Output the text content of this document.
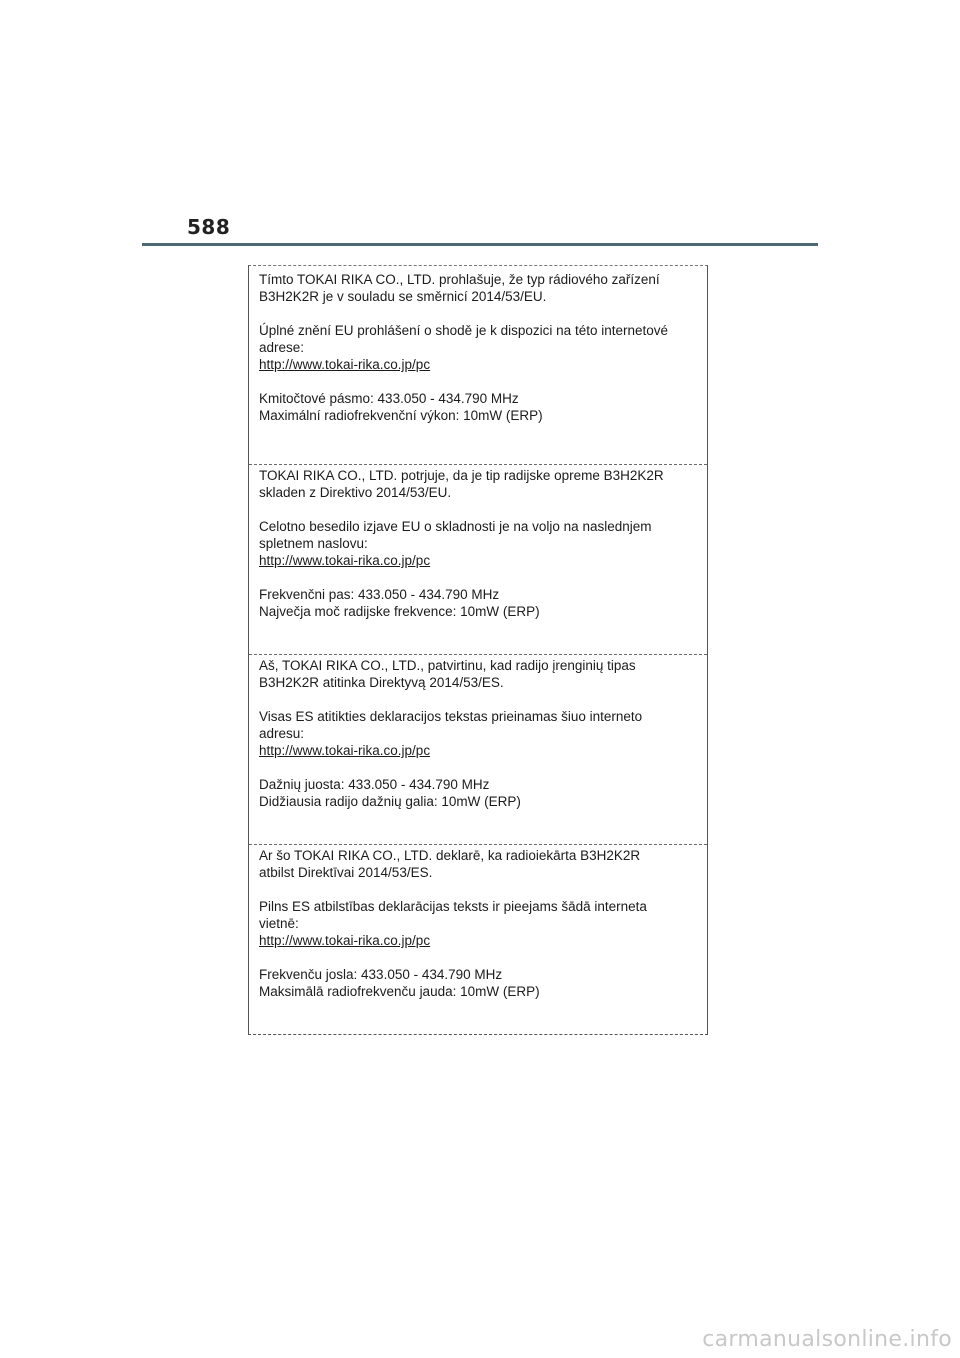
588

Tímto TOKAI RIKA CO., LTD. prohlašuje, že typ rádiového zařízení

B3H2K2R je v souladu se směrnicí 2014/53/EU.

Úplné znění EU prohlášení o shodě je k dispozici na této internetové

adrese:

http://www.tokai-rika.co.jp/pc

Kmitočtové pásmo: 433.050 - 434.790 MHz

Maximální radiofrekvenční výkon: 10mW (ERP)

TOKAI RIKA CO., LTD. potrjuje, da je tip radijske opreme B3H2K2R

skladen z Direktivo 2014/53/EU.

Celotno besedilo izjave EU o skladnosti je na voljo na naslednjem

spletnem naslovu:

http://www.tokai-rika.co.jp/pc

Frekvenčni pas: 433.050 - 434.790 MHz

Največja moč radijske frekvence: 10mW (ERP)

Aš, TOKAI RIKA CO., LTD., patvirtinu, kad radijo įrenginių tipas

B3H2K2R atitinka Direktyvą 2014/53/ES.

Visas ES atitikties deklaracijos tekstas prieinamas šiuo interneto

adresu:

http://www.tokai-rika.co.jp/pc

Dažnių juosta: 433.050 - 434.790 MHz

Didžiausia radijo dažnių galia: 10mW (ERP)

Ar šo TOKAI RIKA CO., LTD. deklarē, ka radioiekārta B3H2K2R

atbilst Direktīvai 2014/53/ES.

Pilns ES atbilstības deklarācijas teksts ir pieejams šādā interneta

vietnē:

http://www.tokai-rika.co.jp/pc

Frekvenču josla: 433.050 - 434.790 MHz

Maksimālā radiofrekvenču jauda: 10mW (ERP)

carmanualsonline.info
